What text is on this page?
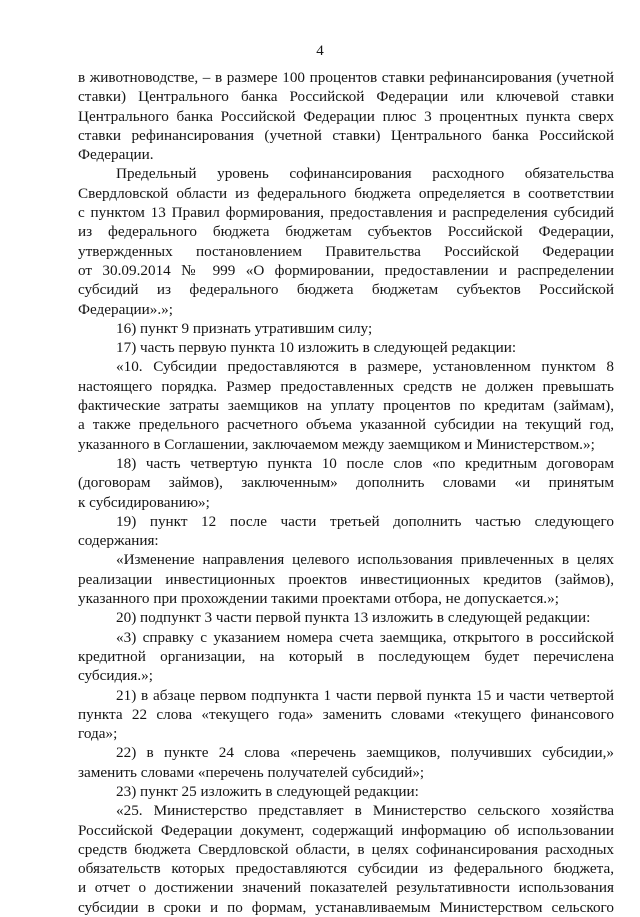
4

в животноводстве, – в размере 100 процентов ставки рефинансирования (учетной

ставки) Центрального банка Российской Федерации или ключевой ставки

Центрального банка Российской Федерации плюс 3 процентных пункта сверх

ставки рефинансирования (учетной ставки) Центрального банка Российской

Федерации.

Предельный уровень софинансирования расходного обязательства

Свердловской области из федерального бюджета определяется в соответствии

с пунктом 13 Правил формирования, предоставления и распределения субсидий

из федерального бюджета бюджетам субъектов Российской Федерации,

утвержденных постановлением Правительства Российской Федерации

от 30.09.2014 № 999 «О формировании, предоставлении и распределении

субсидий из федерального бюджета бюджетам субъектов Российской

Федерации».»;

16) пункт 9 признать утратившим силу;

17) часть первую пункта 10 изложить в следующей редакции:

«10. Субсидии предоставляются в размере, установленном пунктом 8

настоящего порядка. Размер предоставленных средств не должен превышать

фактические затраты заемщиков на уплату процентов по кредитам (займам),

а также предельного расчетного объема указанной субсидии на текущий год,

указанного в Соглашении, заключаемом между заемщиком и Министерством.»;

18) часть четвертую пункта 10 после слов «по кредитным договорам

(договорам займов), заключенным» дополнить словами «и принятым

к субсидированию»;

19) пункт 12 после части третьей дополнить частью следующего

содержания:

«Изменение направления целевого использования привлеченных в целях

реализации инвестиционных проектов инвестиционных кредитов (займов),

указанного при прохождении такими проектами отбора, не допускается.»;

20) подпункт 3 части первой пункта 13 изложить в следующей редакции:

«3) справку с указанием номера счета заемщика, открытого в российской

кредитной организации, на который в последующем будет перечислена

субсидия.»;

21) в абзаце первом подпункта 1 части первой пункта 15 и части четвертой

пункта 22 слова «текущего года» заменить словами «текущего финансового

года»;

22) в пункте 24 слова «перечень заемщиков, получивших субсидии,»

заменить словами «перечень получателей субсидий»;

23) пункт 25 изложить в следующей редакции:

«25. Министерство представляет в Министерство сельского хозяйства

Российской Федерации документ, содержащий информацию об использовании

средств бюджета Свердловской области, в целях софинансирования расходных

обязательств которых предоставляются субсидии из федерального бюджета,

и отчет о достижении значений показателей результативности использования

субсидии в сроки и по формам, устанавливаемым Министерством сельского
